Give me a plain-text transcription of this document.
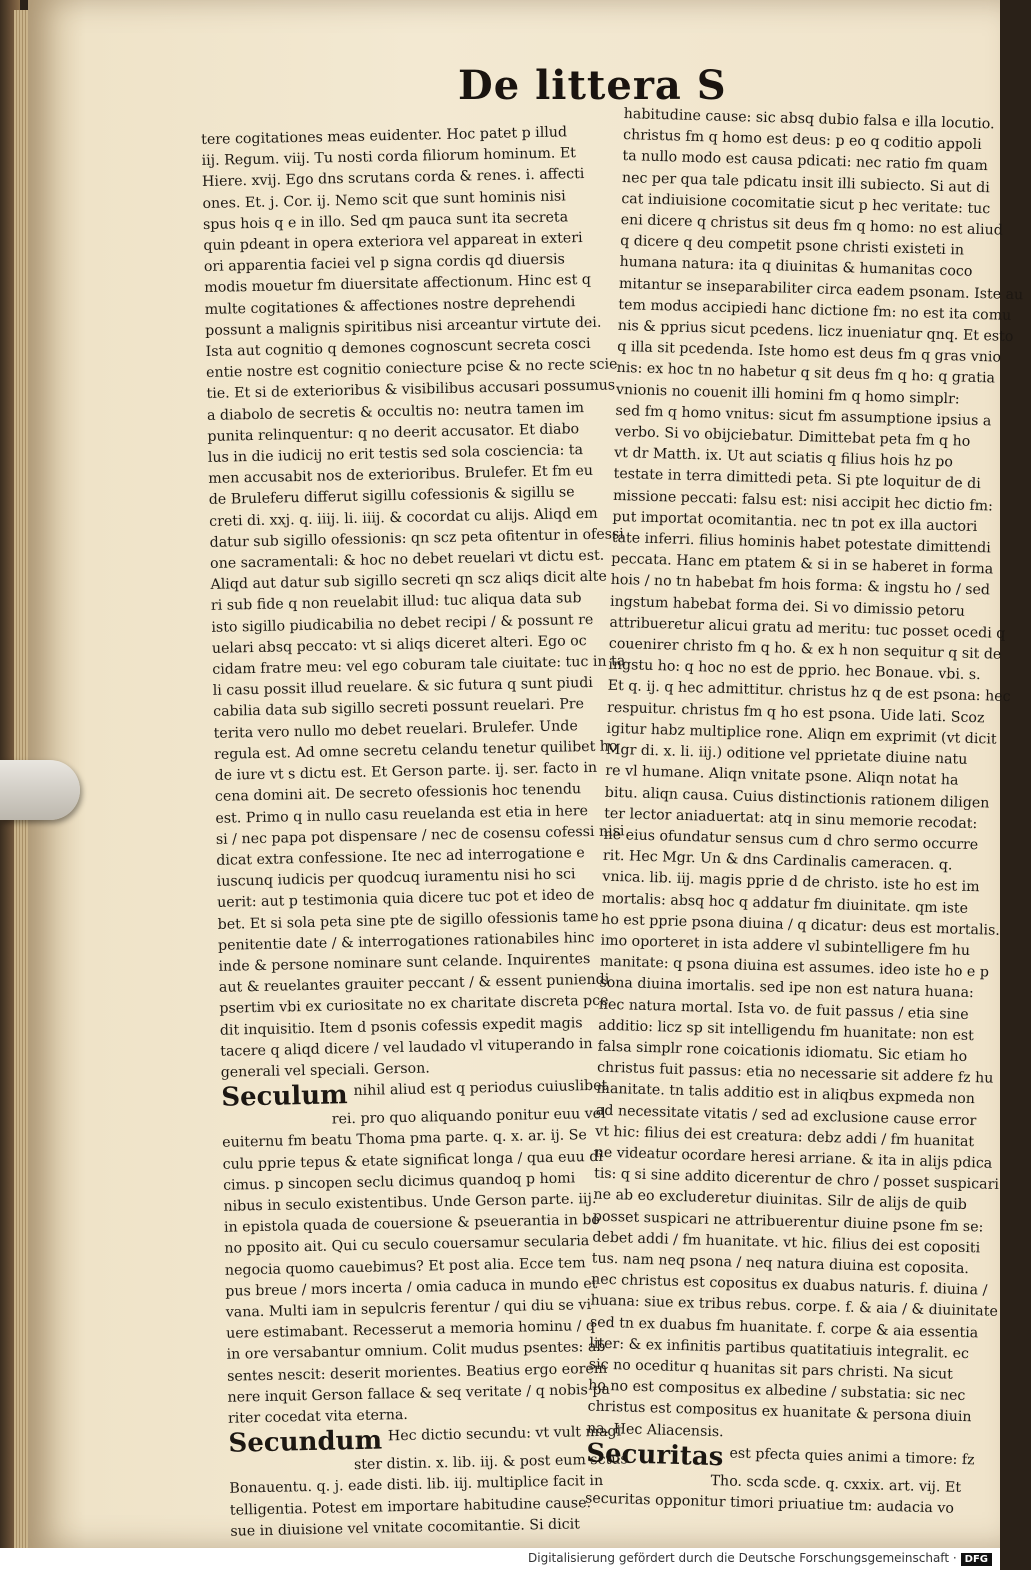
De littera S
tere cogitationes meas euidenter. Hoc patet p illud
iij. Regum. viij. Tu nosti corda filiorum hominum. Et
Hiere. xvij. Ego dns scrutans corda & renes. i. affecti
ones. Et. j. Cor. ij. Nemo scit que sunt hominis nisi
spus hois q e in illo. Sed qm pauca sunt ita secreta
quin pdeant in opera exteriora vel appareat in exteri
ori apparentia faciei vel p signa cordis qd diuersis
modis mouetur fm diuersitate affectionum. Hinc est q
multe cogitationes & affectiones nostre deprehendi
possunt a malignis spiritibus nisi arceantur virtute dei.
Ista aut cognitio q demones cognoscunt secreta cosci
entie nostre est cognitio coniecture pcise & no recte scie
tie. Et si de exterioribus & visibilibus accusari possumus
a diabolo de secretis & occultis no: neutra tamen im
punita relinquentur: q no deerit accusator. Et diabo
lus in die iudicij no erit testis sed sola cosciencia: ta
men accusabit nos de exterioribus. Brulefer. Et fm eu
de Bruleferu differut sigillu cofessionis & sigillu se
creti di. xxj. q. iiij. li. iiij. & cocordat cu alijs. Aliqd em
datur sub sigillo ofessionis: qn scz peta ofitentur in ofessi
one sacramentali: & hoc no debet reuelari vt dictu est.
Aliqd aut datur sub sigillo secreti qn scz aliqs dicit alte
ri sub fide q non reuelabit illud: tuc aliqua data sub
isto sigillo piudicabilia no debet recipi / & possunt re
uelari absq peccato: vt si aliqs diceret alteri. Ego oc
cidam fratre meu: vel ego coburam tale ciuitate: tuc in ta
li casu possit illud reuelare. & sic futura q sunt piudi
cabilia data sub sigillo secreti possunt reuelari. Pre
terita vero nullo mo debet reuelari. Brulefer. Unde
regula est. Ad omne secretu celandu tenetur quilibet ho
de iure vt s dictu est. Et Gerson parte. ij. ser. facto in
cena domini ait. De secreto ofessionis hoc tenendu
est. Primo q in nullo casu reuelanda est etia in here
si / nec papa pot dispensare / nec de cosensu cofessi nisi
dicat extra confessione. Ite nec ad interrogatione e
iuscunq iudicis per quodcuq iuramentu nisi ho sci
uerit: aut p testimonia quia dicere tuc pot et ideo de
bet. Et si sola peta sine pte de sigillo ofessionis tame
penitentie date / & interrogationes rationabiles hinc
inde & persone nominare sunt celande. Inquirentes
aut & reuelantes grauiter peccant / & essent puniendi
psertim vbi ex curiositate no ex charitate discreta pce
dit inquisitio. Item d psonis cofessis expedit magis
tacere q aliqd dicere / vel laudado vl vituperando in
generali vel speciali. Gerson.
Seculum nihil aliud est q periodus cuiuslibet
rei. pro quo aliquando ponitur euu vel
euiternu fm beatu Thoma pma parte. q. x. ar. ij. Se
culu pprie tepus & etate significat longa / qua euu di
cimus. p sincopen seclu dicimus quandoq p homi
nibus in seculo existentibus. Unde Gerson parte. iij.
in epistola quada de couersione & pseuerantia in bo
no pposito ait. Qui cu seculo couersamur secularia
negocia quomo cauebimus? Et post alia. Ecce tem
pus breue / mors incerta / omia caduca in mundo et
vana. Multi iam in sepulcris ferentur / qui diu se vi
uere estimabant. Recesserut a memoria hominu / q
in ore versabantur omnium. Colit mudus psentes: ab
sentes nescit: deserit morientes. Beatius ergo eorem
nere inquit Gerson fallace & seq veritate / q nobis pa
riter cocedat vita eterna.
Secundum Hec dictio secundu: vt vult magi
ster distin. x. lib. iij. & post eum sctus
Bonauentu. q. j. eade disti. lib. iij. multiplice facit in
telligentia. Potest em importare habitudine cause.
sue in diuisione vel vnitate cocomitantie. Si dicit
habitudine cause: sic absq dubio falsa e illa locutio.
christus fm q homo est deus: p eo q coditio appoli
ta nullo modo est causa pdicati: nec ratio fm quam
nec per qua tale pdicatu insit illi subiecto. Si aut di
cat indiuisione cocomitatie sicut p hec veritate: tuc
eni dicere q christus sit deus fm q homo: no est aliud
q dicere q deu competit psone christi existeti in
humana natura: ita q diuinitas & humanitas coco
mitantur se inseparabiliter circa eadem psonam. Iste au
tem modus accipiedi hanc dictione fm: no est ita comu
nis & pprius sicut pcedens. licz inueniatur qnq. Et esto
q illa sit pcedenda. Iste homo est deus fm q gras vnio
nis: ex hoc tn no habetur q sit deus fm q ho: q gratia
vnionis no couenit illi homini fm q homo simplr:
sed fm q homo vnitus: sicut fm assumptione ipsius a
verbo. Si vo obijciebatur. Dimittebat peta fm q ho
vt dr Matth. ix. Ut aut sciatis q filius hois hz po
testate in terra dimittedi peta. Si pte loquitur de di
missione peccati: falsu est: nisi accipit hec dictio fm:
put importat ocomitantia. nec tn pot ex illa auctori
tate inferri. filius hominis habet potestate dimittendi
peccata. Hanc em ptatem & si in se haberet in forma
hois / no tn habebat fm hois forma: & ingstu ho / sed
ingstum habebat forma dei. Si vo dimissio petoru
attribueretur alicui gratu ad meritu: tuc posset ocedi q
couenirer christo fm q ho. & ex h non sequitur q sit de
ingstu ho: q hoc no est de pprio. hec Bonaue. vbi. s.
Et q. ij. q hec admittitur. christus hz q de est psona: hec
respuitur. christus fm q ho est psona. Uide lati. Scoz
igitur habz multiplice rone. Aliqn em exprimit (vt dicit
Mgr di. x. li. iij.) oditione vel pprietate diuine natu
re vl humane. Aliqn vnitate psone. Aliqn notat ha
bitu. aliqn causa. Cuius distinctionis rationem diligen
ter lector aniaduertat: atq in sinu memorie recodat:
ne eius ofundatur sensus cum d chro sermo occurre
rit. Hec Mgr. Un & dns Cardinalis cameracen. q.
vnica. lib. iij. magis pprie d de christo. iste ho est im
mortalis: absq hoc q addatur fm diuinitate. qm iste
ho est pprie psona diuina / q dicatur: deus est mortalis.
imo oporteret in ista addere vl subintelligere fm hu
manitate: q psona diuina est assumes. ideo iste ho e p
sona diuina imortalis. sed ipe non est natura huana:
nec natura mortal. Ista vo. de fuit passus / etia sine
additio: licz sp sit intelligendu fm huanitate: non est
falsa simplr rone coicationis idiomatu. Sic etiam ho
christus fuit passus: etia no necessarie sit addere fz hu
manitate. tn talis additio est in aliqbus expmeda non
ad necessitate vitatis / sed ad exclusione cause error
vt hic: filius dei est creatura: debz addi / fm huanitat
ne videatur ocordare heresi arriane. & ita in alijs pdica
tis: q si sine addito dicerentur de chro / posset suspicari
ne ab eo excluderetur diuinitas. Silr de alijs de quib
posset suspicari ne attribuerentur diuine psone fm se:
debet addi / fm huanitate. vt hic. filius dei est copositi
tus. nam neq psona / neq natura diuina est coposita.
nec christus est copositus ex duabus naturis. f. diuina /
huana: siue ex tribus rebus. corpe. f. & aia / & diuinitate
sed tn ex duabus fm huanitate. f. corpe & aia essentia
liter: & ex infinitis partibus quatitatiuis integralit. ec
sic no oceditur q huanitas sit pars christi. Na sicut
ho no est compositus ex albedine / substatia: sic nec
christus est compositus ex huanitate & persona diuin
na. Hec Aliacensis.
Securitas est pfecta quies animi a timore: fz
Tho. scda scde. q. cxxix. art. vij. Et
securitas opponitur timori priuatiue tm: audacia vo
Digitalisierung gefördert durch die Deutsche Forschungsgemeinschaft · DFG
